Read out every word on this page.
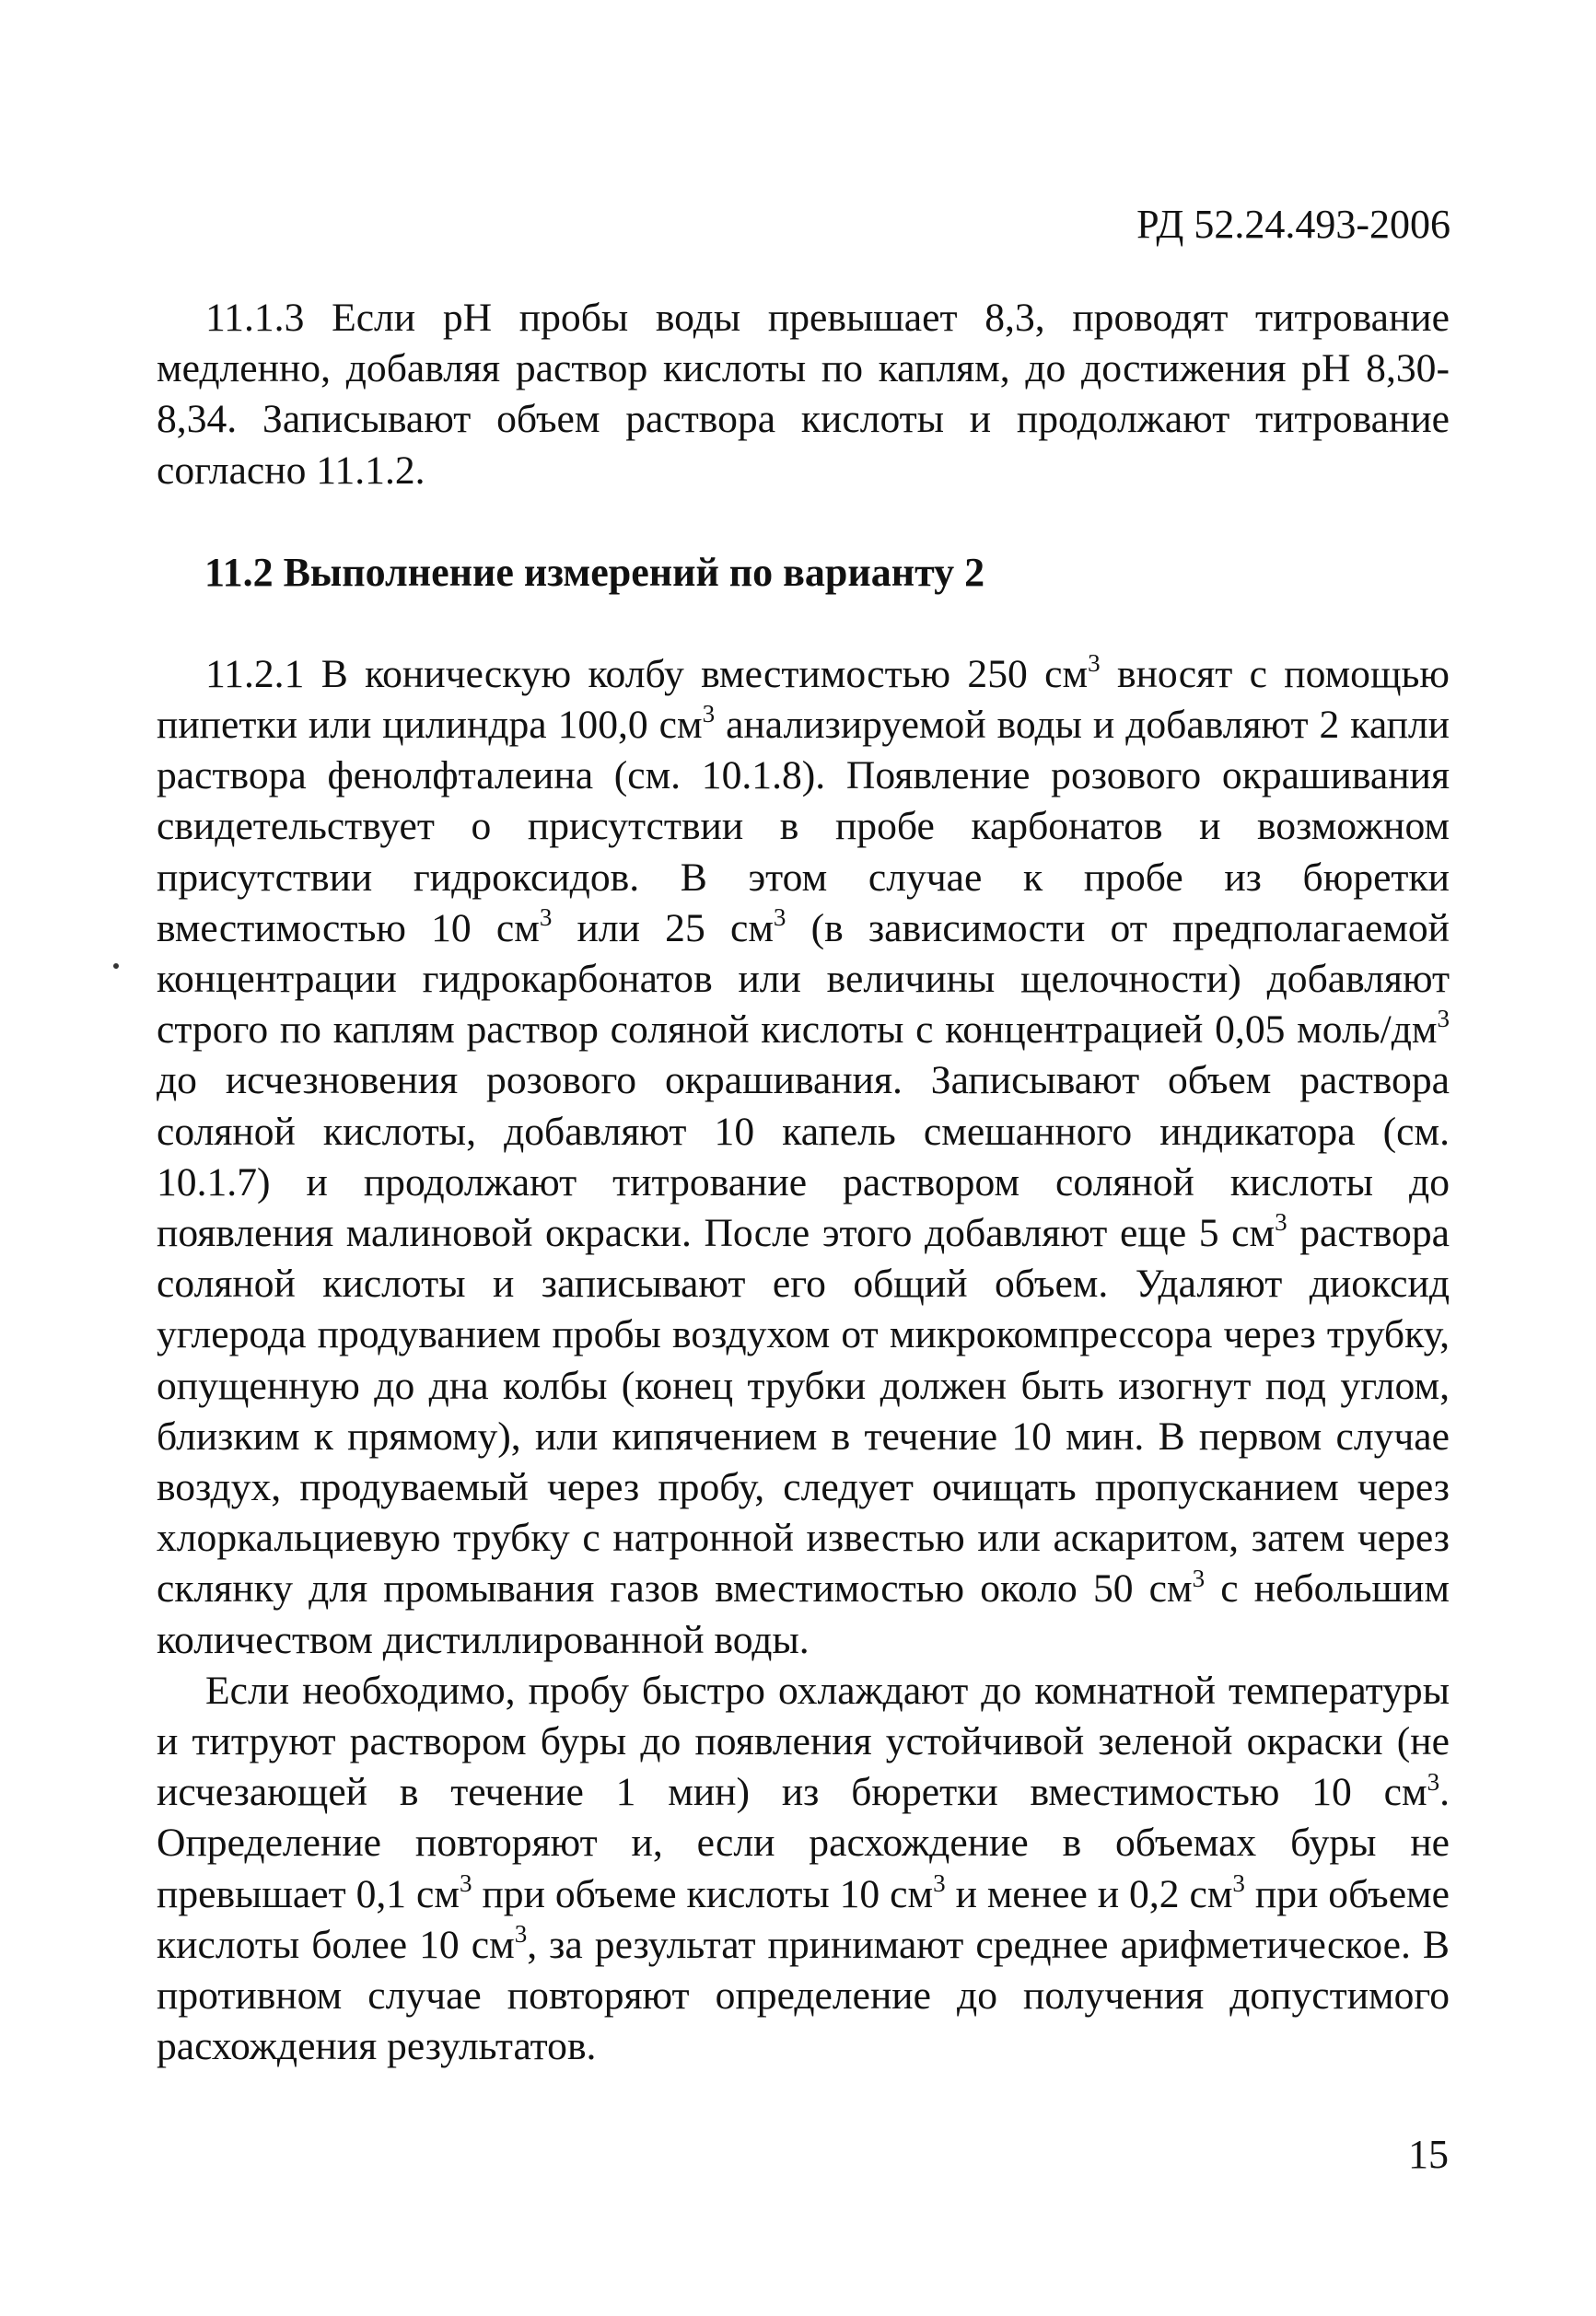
РД 52.24.493-2006

11.1.3 Если pH пробы воды превышает 8,3, проводят титрование медленно, добавляя раствор кислоты по каплям, до достижения pH 8,30-8,34. Записывают объем раствора кислоты и продолжают титрование согласно 11.1.2.

11.2 Выполнение измерений по варианту 2

11.2.1 В коническую колбу вместимостью 250 $см^3$ вносят с помощью пипетки или цилиндра 100,0 $см^3$ анализируемой воды и добавляют 2 капли раствора фенолфталеина (см. 10.1.8). Появление розового окрашивания свидетельствует о присутствии в пробе карбонатов и возможном присутствии гидроксидов. В этом случае к пробе из бюретки вместимостью 10 $см^3$ или 25 $см^3$ (в зависимости от предполагаемой концентрации гидрокарбонатов или величины щелочности) добавляют строго по каплям раствор соляной кислоты с концентрацией 0,05 моль/$дм^3$ до исчезновения розового окрашивания. Записывают объем раствора соляной кислоты, добавляют 10 капель смешанного индикатора (см. 10.1.7) и продолжают титрование раствором соляной кислоты до появления малиновой окраски. После этого добавляют еще 5 $см^3$ раствора соляной кислоты и записывают его общий объем. Удаляют диоксид углерода продуванием пробы воздухом от микрокомпрессора через трубку, опущенную до дна колбы (конец трубки должен быть изогнут под углом, близким к прямому), или кипячением в течение 10 мин. В первом случае воздух, продуваемый через пробу, следует очищать пропусканием через хлоркальциевую трубку с натронной известью или аскаритом, затем через склянку для промывания газов вместимостью около 50 $см^3$ с небольшим количеством дистиллированной воды.

Если необходимо, пробу быстро охлаждают до комнатной температуры и титруют раствором буры до появления устойчивой зеленой окраски (не исчезающей в течение 1 мин) из бюретки вместимостью 10 $см^3$. Определение повторяют и, если расхождение в объемах буры не превышает 0,1 $см^3$ при объеме кислоты 10 $см^3$ и менее и 0,2 $см^3$ при объеме кислоты более 10 $см^3$, за результат принимают среднее арифметическое. В противном случае повторяют определение до получения допустимого расхождения результатов.

15
